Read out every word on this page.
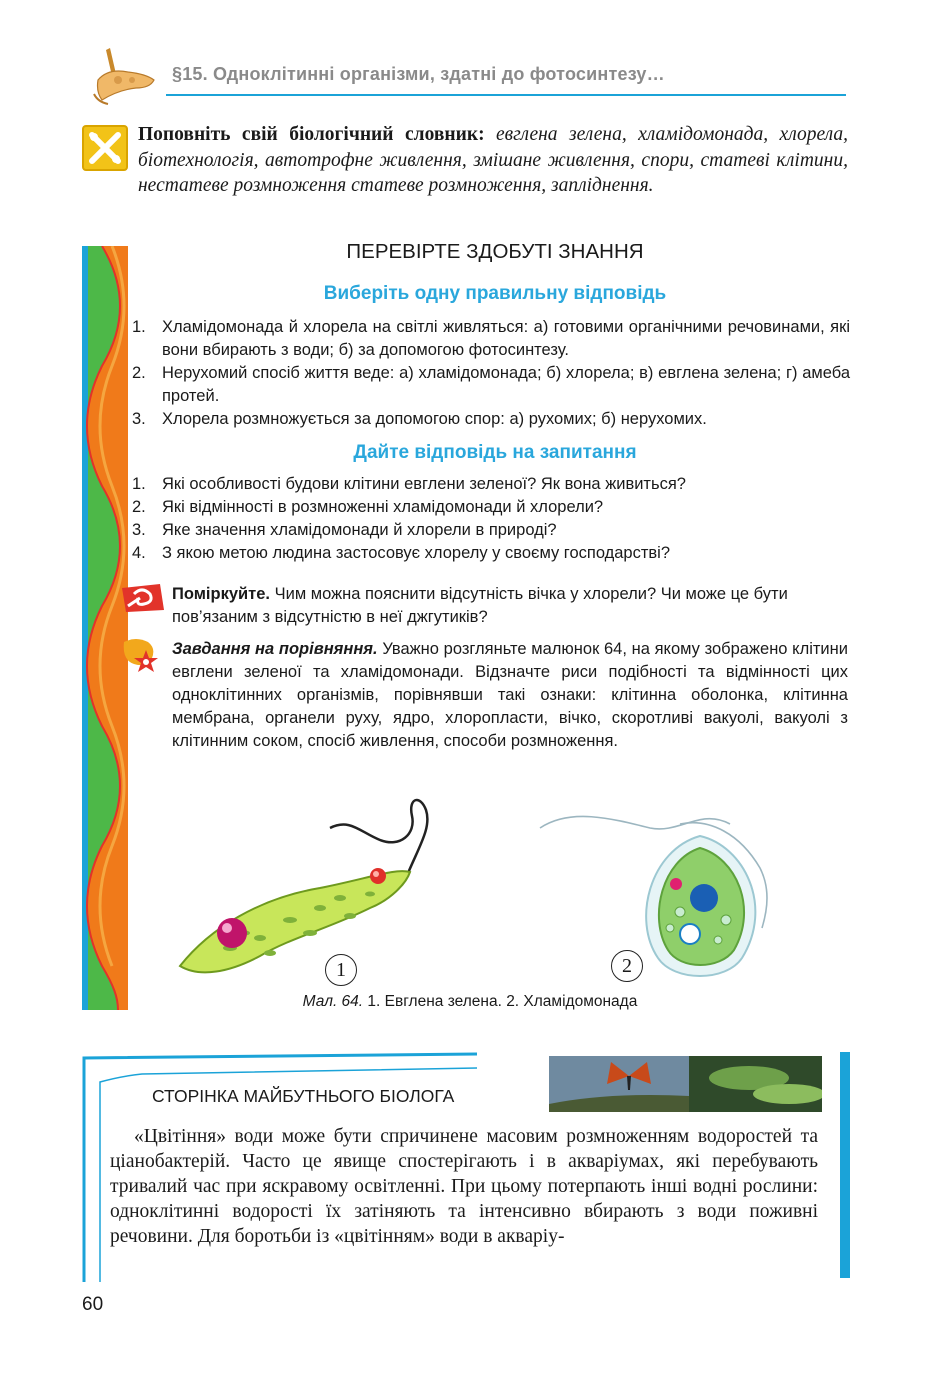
§15. Одноклітинні організми, здатні до фотосинтезу…
Поповніть свій біологічний словник: евглена зелена, хламідомонада, хлорела, біотехнологія, автотрофне живлення, змішане живлення, спори, статеві клітини, нестатеве розмноження статеве розмноження, запліднення.
ПЕРЕВІРТЕ ЗДОБУТІ ЗНАННЯ
Виберіть одну правильну відповідь
1. Хламідомонада й хлорела на світлі живляться: а) готовими органічними речовинами, які вони вбирають з води; б) за допомогою фотосинтезу.
2. Нерухомий спосіб життя веде: а) хламідомонада; б) хлорела; в) евглена зелена; г) амеба протей.
3. Хлорела розмножується за допомогою спор: а) рухомих; б) нерухомих.
Дайте відповідь на запитання
1. Які особливості будови клітини евглени зеленої? Як вона живиться?
2. Які відмінності в розмноженні хламідомонади й хлорели?
3. Яке значення хламідомонади й хлорели в природі?
4. З якою метою людина застосовує хлорелу у своєму господарстві?
Поміркуйте. Чим можна пояснити відсутність вічка у хлорели? Чи може це бути пов’язаним з відсутністю в неї джгутиків?
Завдання на порівняння. Уважно розгляньте малюнок 64, на якому зображено клітини евглени зеленої та хламідомонади. Відзначте риси подібності та відмінності цих одноклітинних організмів, порівнявши такі ознаки: клітинна оболонка, клітинна мембрана, органели руху, ядро, хлоропласти, вічко, скоротливі вакуолі, вакуолі з клітинним соком, спосіб живлення, способи розмноження.
1	2
Мал. 64. 1. Евглена зелена. 2. Хламідомонада
СТОРІНКА МАЙБУТНЬОГО БІОЛОГА
«Цвітіння» води може бути спричинене масовим розмноженням водоростей та ціанобактерій. Часто це явище спостерігають і в акваріумах, які перебувають тривалий час при яскравому освітленні. При цьому потерпають інші водні рослини: одноклітинні водорості їх затіняють та інтенсивно вбирають з води поживні речовини. Для боротьби із «цвітінням» води в акваріу-
60
